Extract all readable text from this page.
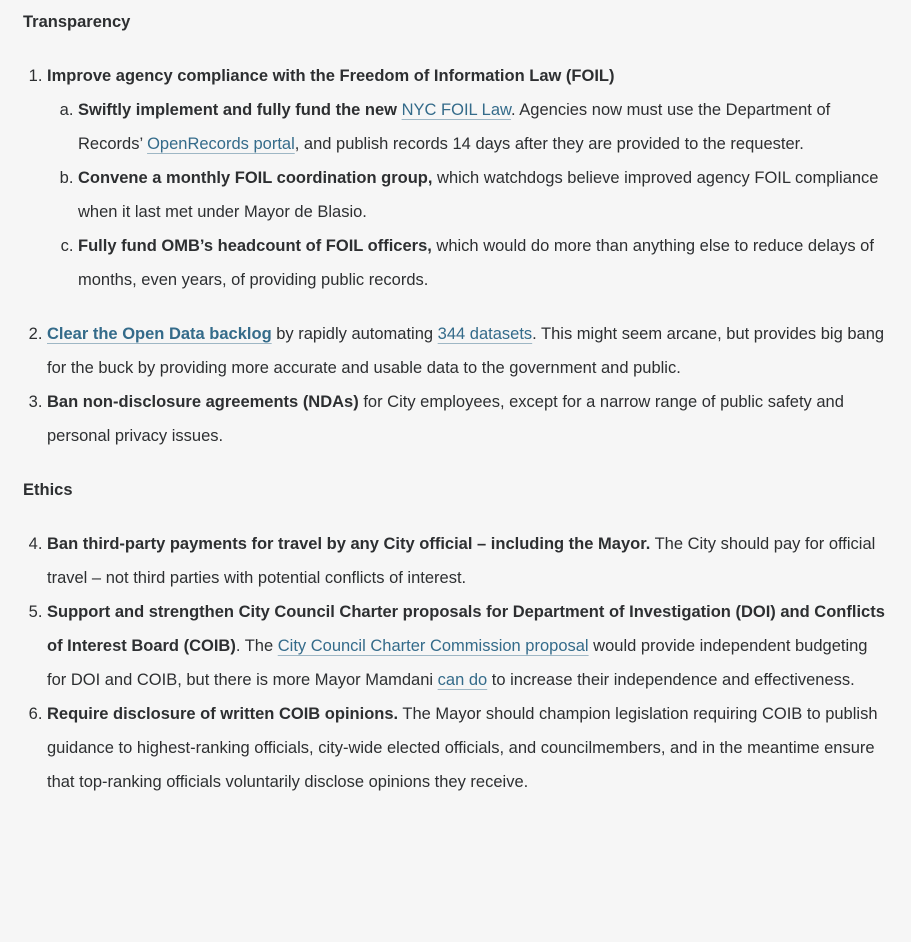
Transparency

1. Improve agency compliance with the Freedom of Information Law (FOIL)
a. Swiftly implement and fully fund the new NYC FOIL Law. Agencies now must use the Department of Records’ OpenRecords portal, and publish records 14 days after they are provided to the requester.
b. Convene a monthly FOIL coordination group, which watchdogs believe improved agency FOIL compliance when it last met under Mayor de Blasio.
c. Fully fund OMB’s headcount of FOIL officers, which would do more than anything else to reduce delays of months, even years, of providing public records.
2. Clear the Open Data backlog by rapidly automating 344 datasets. This might seem arcane, but provides big bang for the buck by providing more accurate and usable data to the government and public.
3. Ban non-disclosure agreements (NDAs) for City employees, except for a narrow range of public safety and personal privacy issues.

Ethics

4. Ban third-party payments for travel by any City official – including the Mayor. The City should pay for official travel – not third parties with potential conflicts of interest.
5. Support and strengthen City Council Charter proposals for Department of Investigation (DOI) and Conflicts of Interest Board (COIB). The City Council Charter Commission proposal would provide independent budgeting for DOI and COIB, but there is more Mayor Mamdani can do to increase their independence and effectiveness.
6. Require disclosure of written COIB opinions. The Mayor should champion legislation requiring COIB to publish guidance to highest-ranking officials, city-wide elected officials, and councilmembers, and in the meantime ensure that top-ranking officials voluntarily disclose opinions they receive.
